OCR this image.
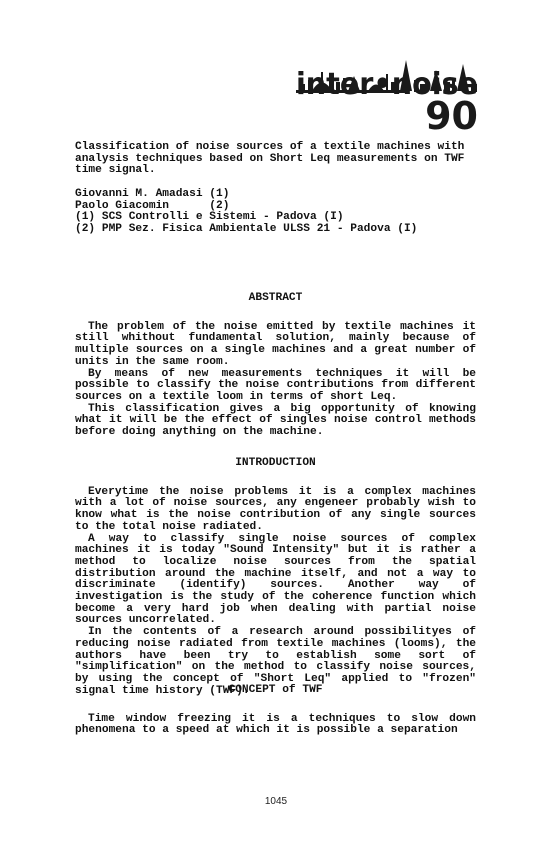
inter•noise
90

Classification of noise sources of a textile machines with analysis techniques based on Short Leq measurements on TWF time signal.

Giovanni M. Amadasi (1)
Paolo Giacomin      (2)
(1) SCS Controlli e Sistemi - Padova (I)
(2) PMP Sez. Fisica Ambientale ULSS 21 - Padova (I)
ABSTRACT

The problem of the noise emitted by textile machines it still whithout fundamental solution, mainly because of multiple sources on a single machines and a great number of units in the same room.

By means of new measurements techniques it will be possible to classify the noise contributions from different sources on a textile loom in terms of short Leq.

This classification gives a big opportunity of knowing what it will be the effect of singles noise control methods before doing anything on the machine.

INTRODUCTION

Everytime the noise problems it is a complex machines with a lot of noise sources, any engeneer probably wish to know what is the noise contribution of any single sources to the total noise radiated.

A way to classify single noise sources of complex machines it is today "Sound Intensity" but it is rather a method to localize noise sources from the spatial distribution around the machine itself, and not a way to discriminate (identify) sources. Another way of investigation is the study of the coherence function which become a very hard job when dealing with partial noise sources uncorrelated.

In the contents of a research around possibilityes of reducing noise radiated from textile machines (looms), the authors have been try to establish some sort of "simplification" on the method to classify noise sources, by using the concept of "Short Leq" applied to "frozen" signal time history (TWF).

CONCEPT of TWF

Time window freezing it is a techniques to slow down phenomena to a speed at which it is possible a separation

1045
